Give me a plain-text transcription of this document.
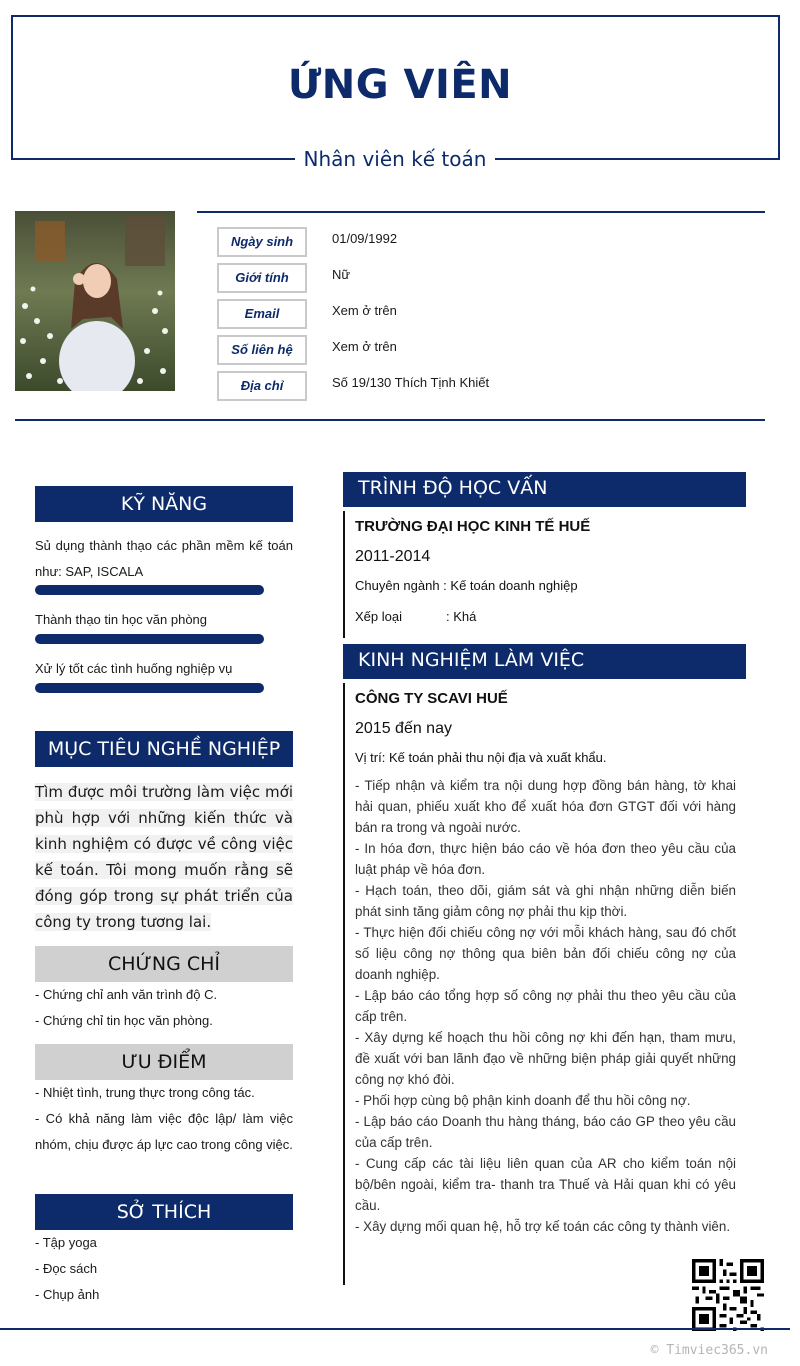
ỨNG VIÊN
Nhân viên kế toán
Ngày sinh	01/09/1992
Giới tính	Nữ
Email	Xem ở trên
Số liên hệ	Xem ở trên
Địa chỉ	Số 19/130 Thích Tịnh Khiết
KỸ NĂNG
Sủ dụng thành thạo các phần mềm kế toán như: SAP, ISCALA
Thành thạo tin học văn phòng
Xử lý tốt các tình huống nghiệp vụ
MỤC TIÊU NGHỀ NGHIỆP
Tìm được môi trường làm việc mới phù hợp với những kiến thức và kinh nghiệm có được về công việc kế toán. Tôi mong muốn rằng sẽ đóng góp trong sự phát triển của công ty trong tương lai.
CHỨNG CHỈ
- Chứng chỉ anh văn trình độ C.
- Chứng chỉ tin học văn phòng.
ƯU ĐIỂM
- Nhiệt tình, trung thực trong công tác.
- Có khả năng làm việc độc lập/ làm việc nhóm, chịu được áp lực cao trong công việc.
SỞ THÍCH
- Tập yoga
- Đọc sách
- Chụp ảnh
TRÌNH ĐỘ HỌC VẤN
TRƯỜNG ĐẠI HỌC KINH TẾ HUẾ
2011-2014
Chuyên ngành : Kế toán doanh nghiệp
Xếp loại	: Khá
KINH NGHIỆM LÀM VIỆC
CÔNG TY SCAVI HUẾ
2015 đến nay
Vị trí: Kế toán phải thu nội địa và xuất khẩu.
- Tiếp nhận và kiểm tra nội dung hợp đồng bán hàng, tờ khai hải quan, phiếu xuất kho để xuất hóa đơn GTGT đối với hàng bán ra trong và ngoài nước.
- In hóa đơn, thực hiện báo cáo về hóa đơn theo yêu cầu của luật pháp về hóa đơn.
- Hạch toán, theo dõi, giám sát và ghi nhận những diễn biến phát sinh tăng giảm công nợ phải thu kịp thời.
- Thực hiện đối chiếu công nợ với mỗi khách hàng, sau đó chốt số liệu công nợ thông qua biên bản đối chiếu công nợ của doanh nghiệp.
- Lập báo cáo tổng hợp số công nợ phải thu theo yêu cầu của cấp trên.
- Xây dựng kế hoạch thu hồi công nợ khi đến hạn, tham mưu, đề xuất với ban lãnh đạo về những biện pháp giải quyết những công nợ khó đòi.
- Phối hợp cùng bộ phận kinh doanh để thu hồi công nợ.
- Lập báo cáo Doanh thu hàng tháng, báo cáo GP theo yêu cầu của cấp trên.
- Cung cấp các tài liệu liên quan của AR cho kiểm toán nội bộ/bên ngoài, kiểm tra- thanh tra Thuế và Hải quan khi có yêu cầu.
- Xây dựng mối quan hệ, hỗ trợ kế toán các công ty thành viên.
© Timviec365.vn
